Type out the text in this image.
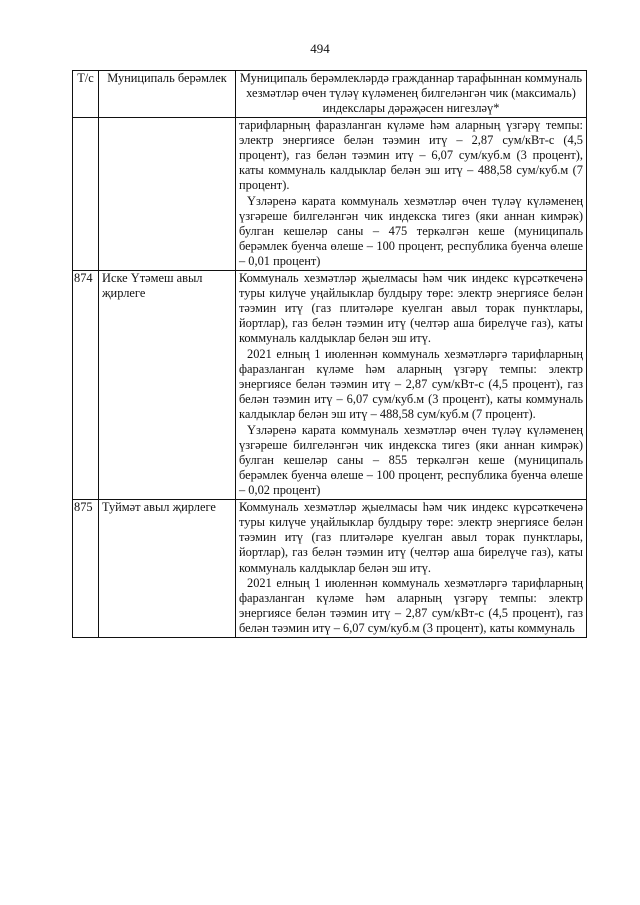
494
Т/с	Муниципаль берәмлек	Муниципаль берәмлекләрдә гражданнар тарафыннан коммуналь хезмәтләр өчен түләү күләменең билгеләнгән чик (максималь) индекслары дәрәҗәсен нигезләү*

		тарифларның фаразланган күләме һәм аларның үзгәрү темпы: электр энергиясе белән тәэмин итү – 2,87 сум/кВт-с (4,5 процент), газ белән тәэмин итү – 6,07 сум/куб.м (3 процент), каты коммуналь калдыклар белән эш итү – 488,58 сум/куб.м (7 процент).
Үзләренә карата коммуналь хезмәтләр өчен түләү күләменең үзгәреше билгеләнгән чик индекска тигез (яки аннан кимрәк) булган кешеләр саны – 475 теркәлгән кеше (муниципаль берәмлек буенча өлеше – 100 процент, республика буенча өлеше – 0,01 процент)

874	Иске Үтәмеш авыл җирлеге	Коммуналь хезмәтләр җыелмасы һәм чик индекс күрсәткеченә туры килүче уңайлыклар булдыру төре: электр энергиясе белән тәэмин итү (газ плитәләре куелган авыл торак пунктлары, йортлар), газ белән тәэмин итү (челтәр аша бирелүче газ), каты коммуналь калдыклар белән эш итү.
2021 елның 1 июленнән коммуналь хезмәтләргә тарифларның фаразланган күләме һәм аларның үзгәрү темпы: электр энергиясе белән тәэмин итү – 2,87 сум/кВт-с (4,5 процент), газ белән тәэмин итү – 6,07 сум/куб.м (3 процент), каты коммуналь калдыклар белән эш итү – 488,58 сум/куб.м (7 процент).
Үзләренә карата коммуналь хезмәтләр өчен түләү күләменең үзгәреше билгеләнгән чик индекска тигез (яки аннан кимрәк) булган кешеләр саны – 855 теркәлгән кеше (муниципаль берәмлек буенча өлеше – 100 процент, республика буенча өлеше – 0,02 процент)

875	Туймәт авыл җирлеге	Коммуналь хезмәтләр җыелмасы һәм чик индекс күрсәткеченә туры килүче уңайлыклар булдыру төре: электр энергиясе белән тәэмин итү (газ плитәләре куелган авыл торак пунктлары, йортлар), газ белән тәэмин итү (челтәр аша бирелүче газ), каты коммуналь калдыклар белән эш итү.
2021 елның 1 июленнән коммуналь хезмәтләргә тарифларның фаразланган күләме һәм аларның үзгәрү темпы: электр энергиясе белән тәэмин итү – 2,87 сум/кВт-с (4,5 процент), газ белән тәэмин итү – 6,07 сум/куб.м (3 процент), каты коммуналь
